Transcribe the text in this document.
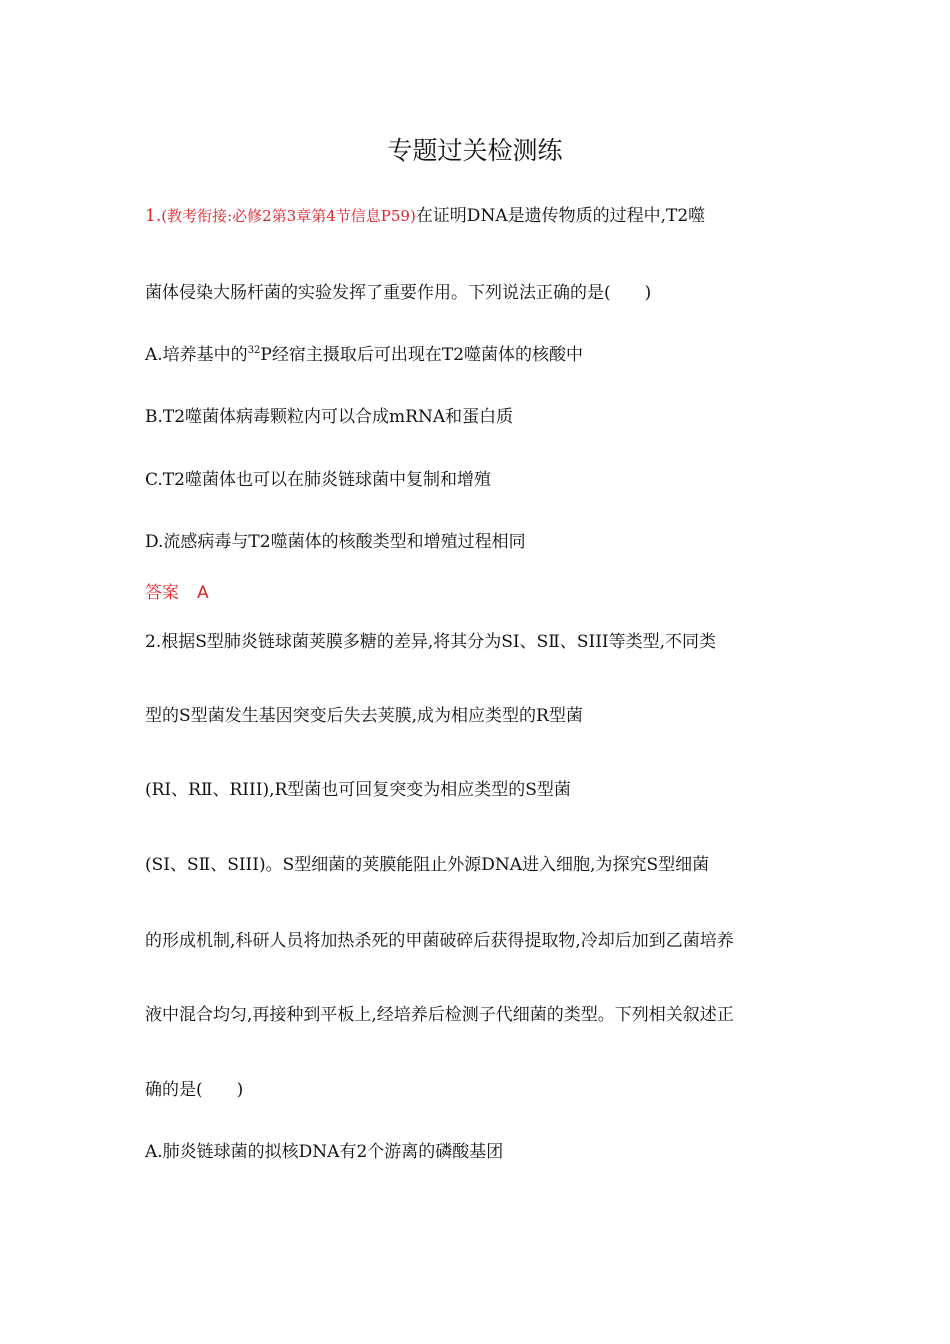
专题过关检测练
1.(教考衔接:必修2第3章第4节信息P59)在证明DNA是遗传物质的过程中,T2噬
菌体侵染大肠杆菌的实验发挥了重要作用。下列说法正确的是(　　)
A.培养基中的$^{32}$P经宿主摄取后可出现在T2噬菌体的核酸中
B.T2噬菌体病毒颗粒内可以合成mRNA和蛋白质
C.T2噬菌体也可以在肺炎链球菌中复制和增殖
D.流感病毒与T2噬菌体的核酸类型和增殖过程相同
答案 A
2.根据S型肺炎链球菌荚膜多糖的差异,将其分为SⅠ、SⅡ、SIII等类型,不同类
型的S型菌发生基因突变后失去荚膜,成为相应类型的R型菌
(RⅠ、RⅡ、RIII),R型菌也可回复突变为相应类型的S型菌
(SⅠ、SⅡ、SIII)。S型细菌的荚膜能阻止外源DNA进入细胞,为探究S型细菌
的形成机制,科研人员将加热杀死的甲菌破碎后获得提取物,冷却后加到乙菌培养
液中混合均匀,再接种到平板上,经培养后检测子代细菌的类型。下列相关叙述正
确的是(　　)
A.肺炎链球菌的拟核DNA有2个游离的磷酸基团
